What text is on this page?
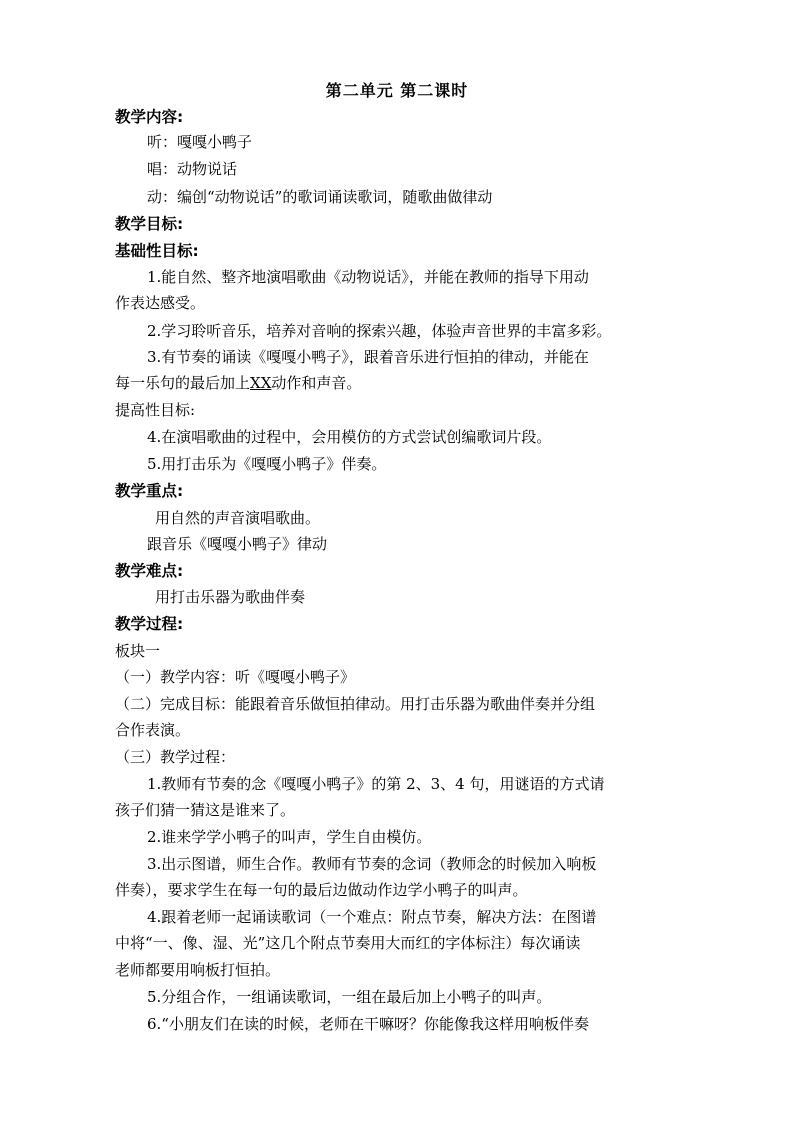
第二单元 第二课时
教学内容:
听：嘎嘎小鸭子
唱：动物说话
动：编创“动物说话”的歌词诵读歌词，随歌曲做律动
教学目标:
基础性目标:
1.能自然、整齐地演唱歌曲《动物说话》，并能在教师的指导下用动
作表达感受。
2.学习聆听音乐，培养对音响的探索兴趣，体验声音世界的丰富多彩。
3.有节奏的诵读《嘎嘎小鸭子》，跟着音乐进行恒拍的律动，并能在
每一乐句的最后加上XX动作和声音。
提高性目标:
4.在演唱歌曲的过程中，会用模仿的方式尝试创编歌词片段。
5.用打击乐为《嘎嘎小鸭子》伴奏。
教学重点:
用自然的声音演唱歌曲。
跟音乐《嘎嘎小鸭子》律动
教学难点:
用打击乐器为歌曲伴奏
教学过程:
板块一
（一）教学内容：听《嘎嘎小鸭子》
（二）完成目标：能跟着音乐做恒拍律动。用打击乐器为歌曲伴奏并分组
合作表演。
（三）教学过程：
1.教师有节奏的念《嘎嘎小鸭子》的第 2、3、4 句，用谜语的方式请
孩子们猜一猜这是谁来了。
2.谁来学学小鸭子的叫声，学生自由模仿。
3.出示图谱，师生合作。教师有节奏的念词（教师念的时候加入响板
伴奏），要求学生在每一句的最后边做动作边学小鸭子的叫声。
4.跟着老师一起诵读歌词（一个难点：附点节奏，解决方法：在图谱
中将“一、像、湿、光”这几个附点节奏用大而红的字体标注）每次诵读
老师都要用响板打恒拍。
5.分组合作，一组诵读歌词，一组在最后加上小鸭子的叫声。
6.“小朋友们在读的时候，老师在干嘛呀？你能像我这样用响板伴奏
